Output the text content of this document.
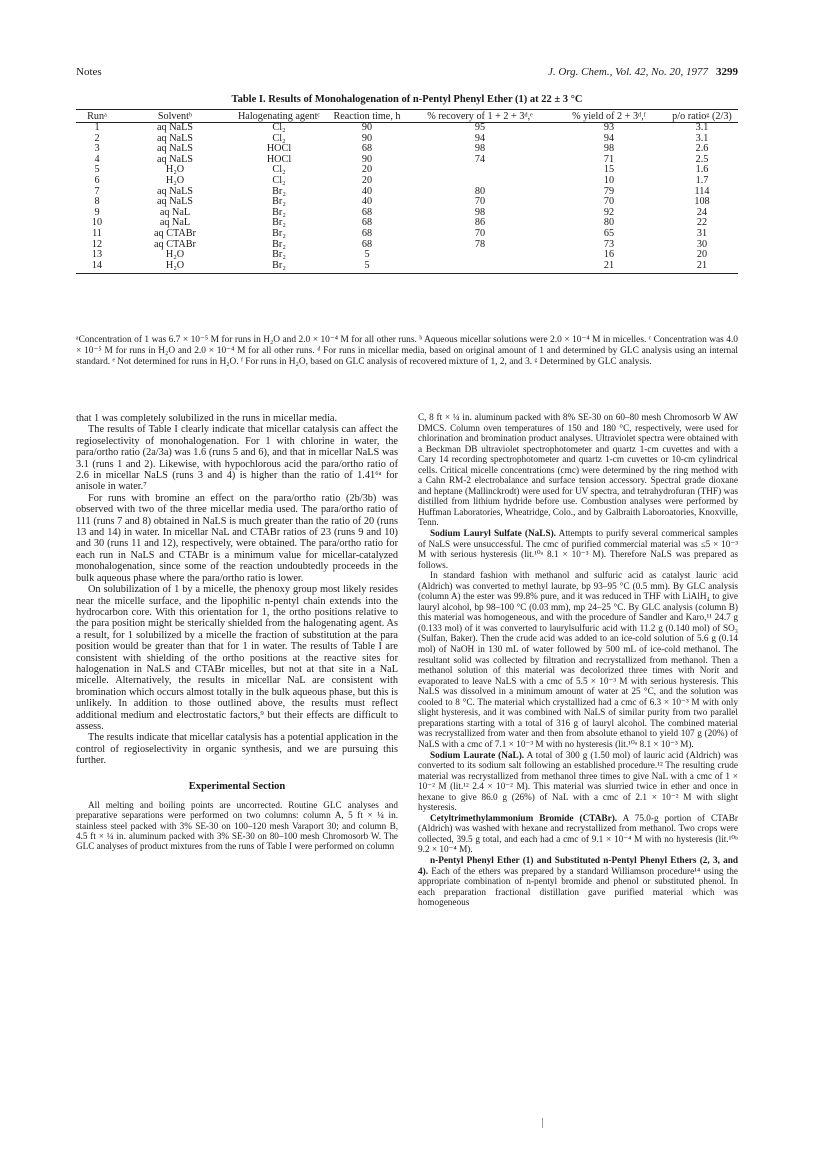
Notes	J. Org. Chem., Vol. 42, No. 20, 1977 3299
Table I. Results of Monohalogenation of n-Pentyl Phenyl Ether (1) at 22 ± 3 °C
Runᵃ	Solventᵇ	Halogenating agentᶜ	Reaction time, h	% recovery of 1 + 2 + 3ᵈ,ᵉ	% yield of 2 + 3ᵈ,ᶠ	p/o ratioᵍ (2/3)
1	aq NaLS	Cl₂	90	95	93	3.1
2	aq NaLS	Cl₂	90	94	94	3.1
3	aq NaLS	HOCl	68	98	98	2.6
4	aq NaLS	HOCl	90	74	71	2.5
5	H₂O	Cl₂	20		15	1.6
6	H₂O	Cl₂	20		10	1.7
7	aq NaLS	Br₂	40	80	79	114
8	aq NaLS	Br₂	40	70	70	108
9	aq NaL	Br₂	68	98	92	24
10	aq NaL	Br₂	68	86	80	22
11	aq CTABr	Br₂	68	70	65	31
12	aq CTABr	Br₂	68	78	73	30
13	H₂O	Br₂	5		16	20
14	H₂O	Br₂	5		21	21
ᵃConcentration of 1 was 6.7 × 10⁻⁵ M for runs in H₂O and 2.0 × 10⁻⁴ M for all other runs. ᵇ Aqueous micellar solutions were 2.0 × 10⁻⁴ M in micelles. ᶜ Concentration was 4.0 × 10⁻⁵ M for runs in H₂O and 2.0 × 10⁻⁴ M for all other runs. ᵈ For runs in micellar media, based on original amount of 1 and determined by GLC analysis using an internal standard. ᵉ Not determined for runs in H₂O. ᶠ For runs in H₂O, based on GLC analysis of recovered mixture of 1, 2, and 3. ᵍ Determined by GLC analysis.

that 1 was completely solubilized in the runs in micellar media.

The results of Table I clearly indicate that micellar catalysis can affect the regioselectivity of monohalogenation. For 1 with chlorine in water, the para/ortho ratio (2a/3a) was 1.6 (runs 5 and 6), and that in micellar NaLS was 3.1 (runs 1 and 2). Likewise, with hypochlorous acid the para/ortho ratio of 2.6 in micellar NaLS (runs 3 and 4) is higher than the ratio of 1.41⁶ᵃ for anisole in water.⁷

For runs with bromine an effect on the para/ortho ratio (2b/3b) was observed with two of the three micellar media used. The para/ortho ratio of 111 (runs 7 and 8) obtained in NaLS is much greater than the ratio of 20 (runs 13 and 14) in water. In micellar NaL and CTABr ratios of 23 (runs 9 and 10) and 30 (runs 11 and 12), respectively, were obtained. The para/ortho ratio for each run in NaLS and CTABr is a minimum value for micellar-catalyzed monohalogenation, since some of the reaction undoubtedly proceeds in the bulk aqueous phase where the para/ortho ratio is lower.

On solubilization of 1 by a micelle, the phenoxy group most likely resides near the micelle surface, and the lipophilic n-pentyl chain extends into the hydrocarbon core. With this orientation for 1, the ortho positions relative to the para position might be sterically shielded from the halogenating agent. As a result, for 1 solubilized by a micelle the fraction of substitution at the para position would be greater than that for 1 in water. The results of Table I are consistent with shielding of the ortho positions at the reactive sites for halogenation in NaLS and CTABr micelles, but not at that site in a NaL micelle. Alternatively, the results in micellar NaL are consistent with bromination which occurs almost totally in the bulk aqueous phase, but this is unlikely. In addition to those outlined above, the results must reflect additional medium and electrostatic factors,⁹ but their effects are difficult to assess.

The results indicate that micellar catalysis has a potential application in the control of regioselectivity in organic synthesis, and we are pursuing this further.

Experimental Section

All melting and boiling points are uncorrected. Routine GLC analyses and preparative separations were performed on two columns: column A, 5 ft × ¼ in. stainless steel packed with 3% SE-30 on 100–120 mesh Varaport 30; and column B, 4.5 ft × ¼ in. aluminum packed with 3% SE-30 on 80–100 mesh Chromosorb W. The GLC analyses of product mixtures from the runs of Table I were performed on column

C, 8 ft × ¼ in. aluminum packed with 8% SE-30 on 60–80 mesh Chromosorb W AW DMCS. Column oven temperatures of 150 and 180 °C, respectively, were used for chlorination and bromination product analyses. Ultraviolet spectra were obtained with a Beckman DB ultraviolet spectrophotometer and quartz 1-cm cuvettes and with a Cary 14 recording spectrophotometer and quartz 1-cm cuvettes or 10-cm cylindrical cells. Critical micelle concentrations (cmc) were determined by the ring method with a Cahn RM-2 electrobalance and surface tension accessory. Spectral grade dioxane and heptane (Mallinckrodt) were used for UV spectra, and tetrahydrofuran (THF) was distilled from lithium hydride before use. Combustion analyses were performed by Huffman Laboratories, Wheatridge, Colo., and by Galbraith Laboroatories, Knoxville, Tenn.

Sodium Lauryl Sulfate (NaLS). Attempts to purify several commerical samples of NaLS were unsuccessful. The cmc of purified commercial material was ≤5 × 10⁻³ M with serious hysteresis (lit.¹⁰ᵃ 8.1 × 10⁻³ M). Therefore NaLS was prepared as follows.

In standard fashion with methanol and sulfuric acid as catalyst lauric acid (Aldrich) was converted to methyl laurate, bp 93–95 °C (0.5 mm). By GLC analysis (column A) the ester was 99.8% pure, and it was reduced in THF with LiAlH₄ to give lauryl alcohol, bp 98–100 °C (0.03 mm), mp 24–25 °C. By GLC analysis (column B) this material was homogeneous, and with the procedure of Sandler and Karo,¹¹ 24.7 g (0.133 mol) of it was converted to laurylsulfuric acid with 11.2 g (0.140 mol) of SO₃ (Sulfan, Baker). Then the crude acid was added to an ice-cold solution of 5.6 g (0.14 mol) of NaOH in 130 mL of water followed by 500 mL of ice-cold methanol. The resultant solid was collected by filtration and recrystallized from methanol. Then a methanol solution of this material was decolorized three times with Norit and evaporated to leave NaLS with a cmc of 5.5 × 10⁻³ M with serious hysteresis. This NaLS was dissolved in a minimum amount of water at 25 °C, and the solution was cooled to 8 °C. The material which crystallized had a cmc of 6.3 × 10⁻³ M with only slight hysteresis, and it was combined with NaLS of similar purity from two parallel preparations starting with a total of 316 g of lauryl alcohol. The combined material was recrystallized from water and then from absolute ethanol to yield 107 g (20%) of NaLS with a cmc of 7.1 × 10⁻³ M with no hysteresis (lit.¹⁰ᵃ 8.1 × 10⁻³ M).

Sodium Laurate (NaL). A total of 300 g (1.50 mol) of lauric acid (Aldrich) was converted to its sodium salt following an established procedure.¹² The resulting crude material was recrystallized from methanol three times to give NaL with a cmc of 1 × 10⁻² M (lit.¹² 2.4 × 10⁻² M). This material was slurried twice in ether and once in hexane to give 86.0 g (26%) of NaL with a cmc of 2.1 × 10⁻² M with slight hysteresis.

Cetyltrimethylammonium Bromide (CTABr). A 75.0-g portion of CTABr (Aldrich) was washed with hexane and recrystallized from methanol. Two crops were collected, 39.5 g total, and each had a cmc of 9.1 × 10⁻⁴ M with no hysteresis (lit.¹⁰ᵇ 9.2 × 10⁻⁴ M).

n-Pentyl Phenyl Ether (1) and Substituted n-Pentyl Phenyl Ethers (2, 3, and 4). Each of the ethers was prepared by a standard Williamson procedure¹⁴ using the appropriate combination of n-pentyl bromide and phenol or substituted phenol. In each preparation fractional distillation gave purified material which was homogeneous
